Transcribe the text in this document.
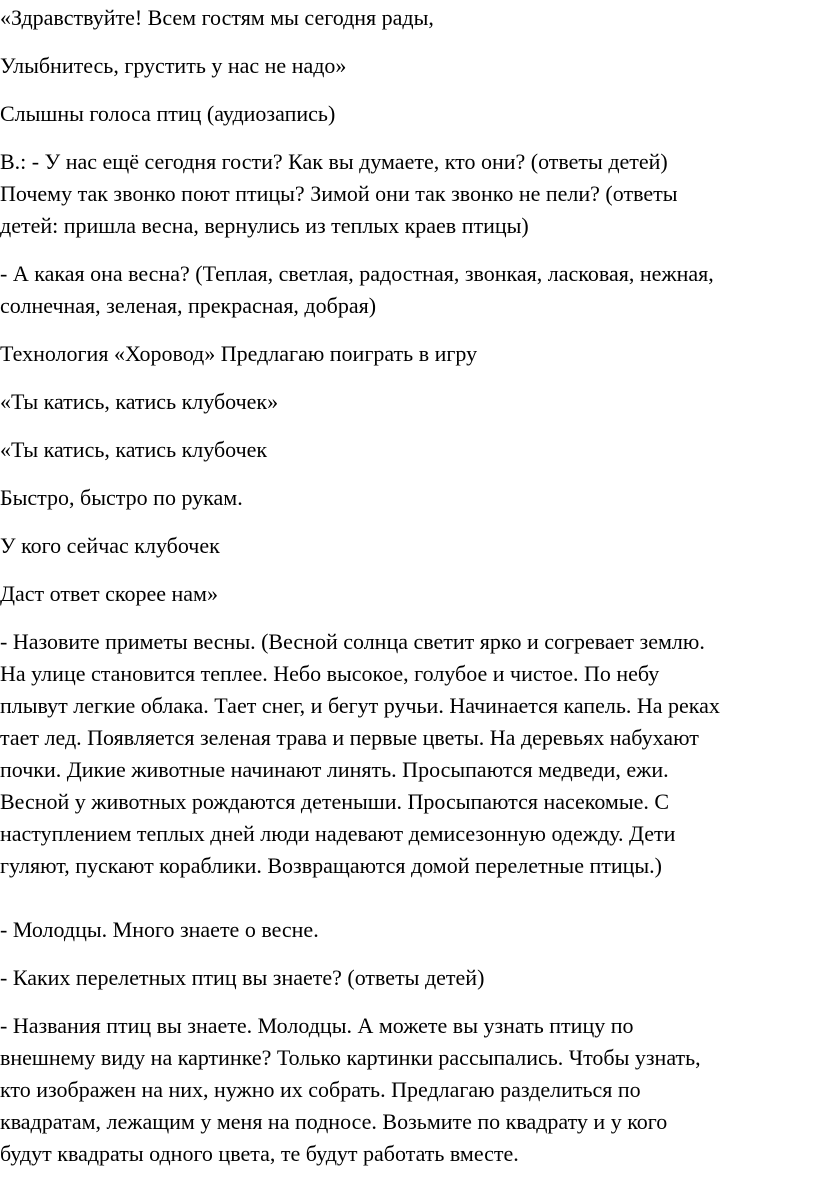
«Здравствуйте! Всем гостям мы сегодня рады,
Улыбнитесь, грустить у нас не надо»
Слышны голоса птиц (аудиозапись)
В.: - У нас ещё сегодня гости? Как вы думаете, кто они? (ответы детей)
Почему так звонко поют птицы? Зимой они так звонко не пели? (ответы
детей: пришла весна, вернулись из теплых краев птицы)
- А какая она весна? (Теплая, светлая, радостная, звонкая, ласковая, нежная,
солнечная, зеленая, прекрасная, добрая)
Технология «Хоровод» Предлагаю поиграть в игру
«Ты катись, катись клубочек»
«Ты катись, катись клубочек
Быстро, быстро по рукам.
У кого сейчас клубочек
Даст ответ скорее нам»
- Назовите приметы весны. (Весной солнца светит ярко и согревает землю.
На улице становится теплее. Небо высокое, голубое и чистое. По небу
плывут легкие облака. Тает снег, и бегут ручьи. Начинается капель. На реках
тает лед. Появляется зеленая трава и первые цветы. На деревьях набухают
почки. Дикие животные начинают линять. Просыпаются медведи, ежи.
Весной у животных рождаются детеныши. Просыпаются насекомые. С
наступлением теплых дней люди надевают демисезонную одежду. Дети
гуляют, пускают кораблики. Возвращаются домой перелетные птицы.)
- Молодцы. Много знаете о весне.
- Каких перелетных птиц вы знаете? (ответы детей)
- Названия птиц вы знаете. Молодцы. А можете вы узнать птицу по
внешнему виду на картинке? Только картинки рассыпались. Чтобы узнать,
кто изображен на них, нужно их собрать. Предлагаю разделиться по
квадратам, лежащим у меня на подносе. Возьмите по квадрату и у кого
будут квадраты одного цвета, те будут работать вместе.
